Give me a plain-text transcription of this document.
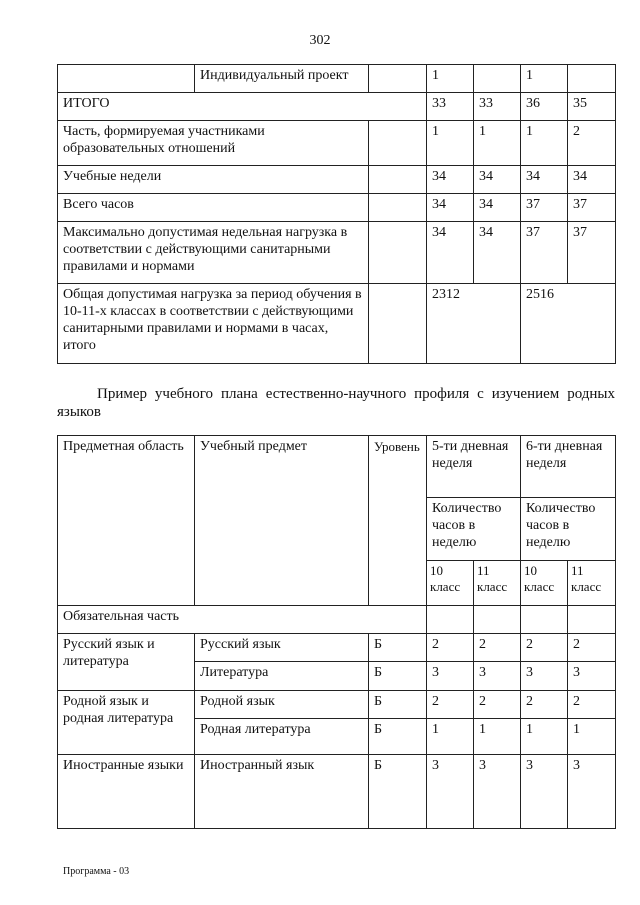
302
	Индивидуальный проект		1		1	
ИТОГО			33	33	36	35
Часть, формируемая участниками образовательных отношений			1	1	1	2
Учебные недели			34	34	34	34
Всего часов			34	34	37	37
Максимально допустимая недельная нагрузка в соответствии с действующими санитарными правилами и нормами			34	34	37	37
Общая допустимая нагрузка за период обучения в 10-11-х классах в соответствии с действующими санитарными правилами и нормами в часах, итого			2312		2516	
Пример учебного плана естественно-научного профиля с изучением родных языков
Предметная область	Учебный предмет	Уровень	5-ти дневная неделя		6-ти дневная неделя	
			Количество часов в неделю		Количество часов в неделю	
			10 класс	11 класс	10 класс	11 класс
Обязательная часть						
Русский язык и литература	Русский язык	Б	2	2	2	2
	Литература	Б	3	3	3	3
Родной язык и родная литература	Родной язык	Б	2	2	2	2
	Родная литература	Б	1	1	1	1
Иностранные языки	Иностранный язык	Б	3	3	3	3
Программа - 03
